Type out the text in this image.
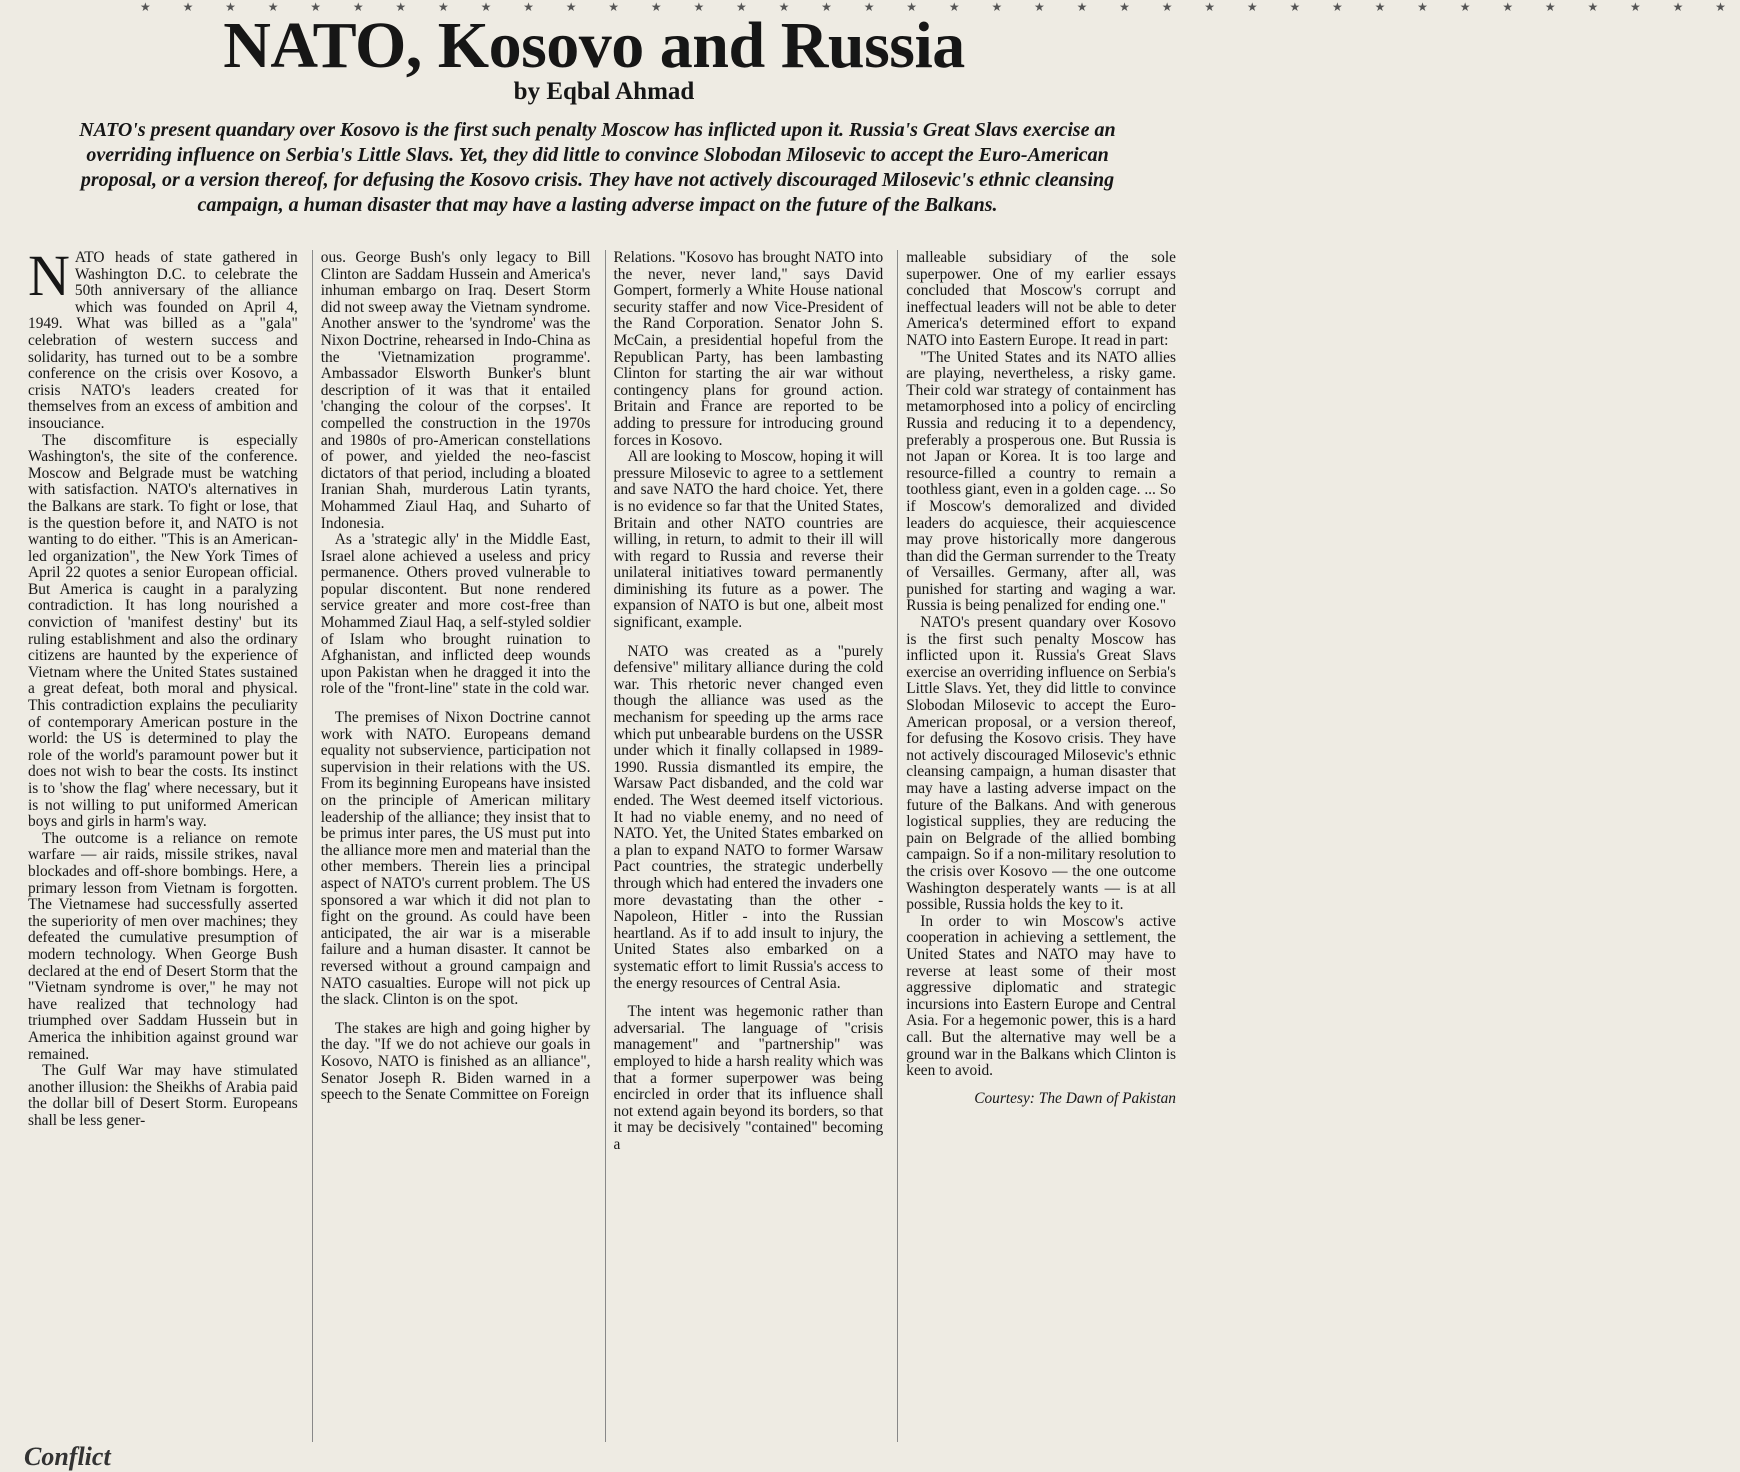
★ ★ ★ ★ ★ ★ ★ ★ ★ ★ ★ ★ ★ ★ ★ ★ ★ ★ ★ ★ ★ ★ ★ ★ ★ ★ ★ ★ ★ ★ ★ ★ ★ ★ ★ ★ ★ ★
NATO, Kosovo and Russia
by Eqbal Ahmad
NATO's present quandary over Kosovo is the first such penalty Moscow has inflicted upon it. Russia's Great Slavs exercise an overriding influence on Serbia's Little Slavs. Yet, they did little to convince Slobodan Milosevic to accept the Euro-American proposal, or a version thereof, for defusing the Kosovo crisis. They have not actively discouraged Milosevic's ethnic cleansing campaign, a human disaster that may have a lasting adverse impact on the future of the Balkans.

NATO heads of state gathered in Washington D.C. to celebrate the 50th anniversary of the alliance which was founded on April 4, 1949. What was billed as a "gala" celebration of western success and solidarity, has turned out to be a sombre conference on the crisis over Kosovo, a crisis NATO's leaders created for themselves from an excess of ambition and insouciance.

The discomfiture is especially Washington's, the site of the conference. Moscow and Belgrade must be watching with satisfaction. NATO's alternatives in the Balkans are stark. To fight or lose, that is the question before it, and NATO is not wanting to do either. "This is an American-led organization", the New York Times of April 22 quotes a senior European official. But America is caught in a paralyzing contradiction. It has long nourished a conviction of 'manifest destiny' but its ruling establishment and also the ordinary citizens are haunted by the experience of Vietnam where the United States sustained a great defeat, both moral and physical. This contradiction explains the peculiarity of contemporary American posture in the world: the US is determined to play the role of the world's paramount power but it does not wish to bear the costs. Its instinct is to 'show the flag' where necessary, but it is not willing to put uniformed American boys and girls in harm's way.

The outcome is a reliance on remote warfare — air raids, missile strikes, naval blockades and off-shore bombings. Here, a primary lesson from Vietnam is forgotten. The Vietnamese had successfully asserted the superiority of men over machines; they defeated the cumulative presumption of modern technology. When George Bush declared at the end of Desert Storm that the "Vietnam syndrome is over," he may not have realized that technology had triumphed over Saddam Hussein but in America the inhibition against ground war remained.

The Gulf War may have stimulated another illusion: the Sheikhs of Arabia paid the dollar bill of Desert Storm. Europeans shall be less gener-

ous. George Bush's only legacy to Bill Clinton are Saddam Hussein and America's inhuman embargo on Iraq. Desert Storm did not sweep away the Vietnam syndrome. Another answer to the 'syndrome' was the Nixon Doctrine, rehearsed in Indo-China as the 'Vietnamization programme'. Ambassador Elsworth Bunker's blunt description of it was that it entailed 'changing the colour of the corpses'. It compelled the construction in the 1970s and 1980s of pro-American constellations of power, and yielded the neo-fascist dictators of that period, including a bloated Iranian Shah, murderous Latin tyrants, Mohammed Ziaul Haq, and Suharto of Indonesia.

As a 'strategic ally' in the Middle East, Israel alone achieved a useless and pricy permanence. Others proved vulnerable to popular discontent. But none rendered service greater and more cost-free than Mohammed Ziaul Haq, a self-styled soldier of Islam who brought ruination to Afghanistan, and inflicted deep wounds upon Pakistan when he dragged it into the role of the "front-line" state in the cold war.

The premises of Nixon Doctrine cannot work with NATO. Europeans demand equality not subservience, participation not supervision in their relations with the US. From its beginning Europeans have insisted on the principle of American military leadership of the alliance; they insist that to be primus inter pares, the US must put into the alliance more men and material than the other members. Therein lies a principal aspect of NATO's current problem. The US sponsored a war which it did not plan to fight on the ground. As could have been anticipated, the air war is a miserable failure and a human disaster. It cannot be reversed without a ground campaign and NATO casualties. Europe will not pick up the slack. Clinton is on the spot.

The stakes are high and going higher by the day. "If we do not achieve our goals in Kosovo, NATO is finished as an alliance", Senator Joseph R. Biden warned in a speech to the Senate Committee on Foreign

Relations. "Kosovo has brought NATO into the never, never land," says David Gompert, formerly a White House national security staffer and now Vice-President of the Rand Corporation. Senator John S. McCain, a presidential hopeful from the Republican Party, has been lambasting Clinton for starting the air war without contingency plans for ground action. Britain and France are reported to be adding to pressure for introducing ground forces in Kosovo.

All are looking to Moscow, hoping it will pressure Milosevic to agree to a settlement and save NATO the hard choice. Yet, there is no evidence so far that the United States, Britain and other NATO countries are willing, in return, to admit to their ill will with regard to Russia and reverse their unilateral initiatives toward permanently diminishing its future as a power. The expansion of NATO is but one, albeit most significant, example.

NATO was created as a "purely defensive" military alliance during the cold war. This rhetoric never changed even though the alliance was used as the mechanism for speeding up the arms race which put unbearable burdens on the USSR under which it finally collapsed in 1989-1990. Russia dismantled its empire, the Warsaw Pact disbanded, and the cold war ended. The West deemed itself victorious. It had no viable enemy, and no need of NATO. Yet, the United States embarked on a plan to expand NATO to former Warsaw Pact countries, the strategic underbelly through which had entered the invaders one more devastating than the other - Napoleon, Hitler - into the Russian heartland. As if to add insult to injury, the United States also embarked on a systematic effort to limit Russia's access to the energy resources of Central Asia.

The intent was hegemonic rather than adversarial. The language of "crisis management" and "partnership" was employed to hide a harsh reality which was that a former superpower was being encircled in order that its influence shall not extend again beyond its borders, so that it may be decisively "contained" becoming a

malleable subsidiary of the sole superpower. One of my earlier essays concluded that Moscow's corrupt and ineffectual leaders will not be able to deter America's determined effort to expand NATO into Eastern Europe. It read in part:

"The United States and its NATO allies are playing, nevertheless, a risky game. Their cold war strategy of containment has metamorphosed into a policy of encircling Russia and reducing it to a dependency, preferably a prosperous one. But Russia is not Japan or Korea. It is too large and resource-filled a country to remain a toothless giant, even in a golden cage. ... So if Moscow's demoralized and divided leaders do acquiesce, their acquiescence may prove historically more dangerous than did the German surrender to the Treaty of Versailles. Germany, after all, was punished for starting and waging a war. Russia is being penalized for ending one."

NATO's present quandary over Kosovo is the first such penalty Moscow has inflicted upon it. Russia's Great Slavs exercise an overriding influence on Serbia's Little Slavs. Yet, they did little to convince Slobodan Milosevic to accept the Euro-American proposal, or a version thereof, for defusing the Kosovo crisis. They have not actively discouraged Milosevic's ethnic cleansing campaign, a human disaster that may have a lasting adverse impact on the future of the Balkans. And with generous logistical supplies, they are reducing the pain on Belgrade of the allied bombing campaign. So if a non-military resolution to the crisis over Kosovo — the one outcome Washington desperately wants — is at all possible, Russia holds the key to it.

In order to win Moscow's active cooperation in achieving a settlement, the United States and NATO may have to reverse at least some of their most aggressive diplomatic and strategic incursions into Eastern Europe and Central Asia. For a hegemonic power, this is a hard call. But the alternative may well be a ground war in the Balkans which Clinton is keen to avoid.

Courtesy: The Dawn of Pakistan
Conflict
